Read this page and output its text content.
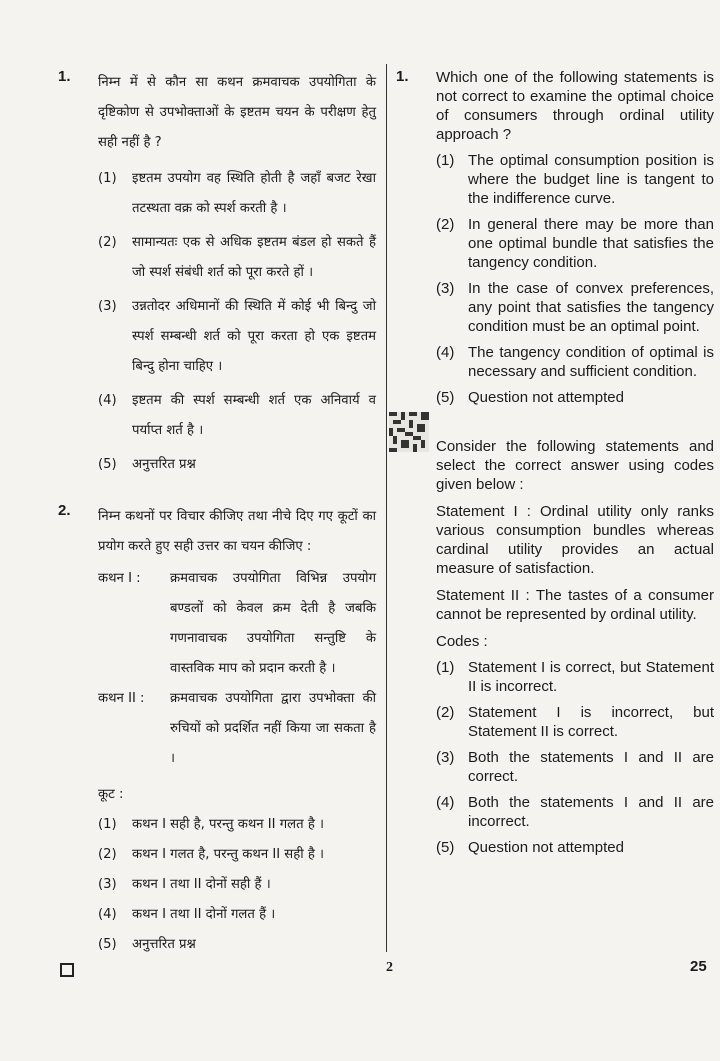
1. निम्न में से कौन सा कथन क्रमवाचक उपयोगिता के दृष्टिकोण से उपभोक्ताओं के इष्टतम चयन के परीक्षण हेतु सही नहीं है ?
(1)	इष्टतम उपयोग वह स्थिति होती है जहाँ बजट रेखा तटस्थता वक्र को स्पर्श करती है ।
(2)	सामान्यतः एक से अधिक इष्टतम बंडल हो सकते हैं जो स्पर्श संबंधी शर्त को पूरा करते हों ।
(3)	उन्नतोदर अधिमानों की स्थिति में कोई भी बिन्दु जो स्पर्श सम्बन्धी शर्त को पूरा करता हो एक इष्टतम बिन्दु होना चाहिए ।
(4)	इष्टतम की स्पर्श सम्बन्धी शर्त एक अनिवार्य व पर्याप्त शर्त है ।
(5)	अनुत्तरित प्रश्न
2. निम्न कथनों पर विचार कीजिए तथा नीचे दिए गए कूटों का प्रयोग करते हुए सही उत्तर का चयन कीजिए :
कथन I :	क्रमवाचक उपयोगिता विभिन्न उपयोग बण्डलों को केवल क्रम देती है जबकि गणनावाचक उपयोगिता सन्तुष्टि के वास्तविक माप को प्रदान करती है ।
कथन II :	क्रमवाचक उपयोगिता द्वारा उपभोक्ता की रुचियों को प्रदर्शित नहीं किया जा सकता है ।
कूट :
(1)	कथन I सही है, परन्तु कथन II गलत है ।
(2)	कथन I गलत है, परन्तु कथन II सही है ।
(3)	कथन I तथा II दोनों सही हैं ।
(4)	कथन I तथा II दोनों गलत हैं ।
(5)	अनुत्तरित प्रश्न
1. Which one of the following statements is not correct to examine the optimal choice of consumers through ordinal utility approach ?
(1) The optimal consumption position is where the budget line is tangent to the indifference curve.
(2) In general there may be more than one optimal bundle that satisfies the tangency condition.
(3) In the case of convex preferences, any point that satisfies the tangency condition must be an optimal point.
(4) The tangency condition of optimal is necessary and sufficient condition.
(5) Question not attempted
Consider the following statements and select the correct answer using codes given below :
Statement I : Ordinal utility only ranks various consumption bundles whereas cardinal utility provides an actual measure of satisfaction.
Statement II : The tastes of a consumer cannot be represented by ordinal utility.
Codes :
(1) Statement I is correct, but Statement II is incorrect.
(2) Statement I is incorrect, but Statement II is correct.
(3) Both the statements I and II are correct.
(4) Both the statements I and II are incorrect.
(5) Question not attempted
2	25
